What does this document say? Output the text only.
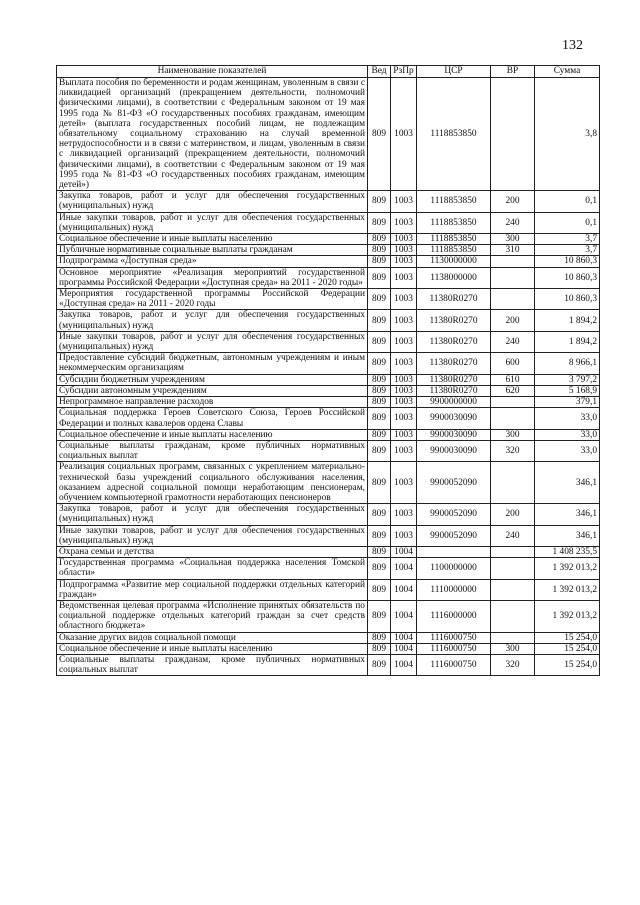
132
Наименование показателей	Вед	РзПр	ЦСР	ВР	Сумма
Выплата пособия по беременности и родам женщинам, уволенным в связи с ликвидацией организаций (прекращением деятельности, полномочий физическими лицами), в соответствии с Федеральным законом от 19 мая 1995 года № 81-ФЗ «О государственных пособиях гражданам, имеющим детей» (выплата государственных пособий лицам, не подлежащим обязательному социальному страхованию на случай временной нетрудоспособности и в связи с материнством, и лицам, уволенным в связи с ликвидацией организаций (прекращением деятельности, полномочий физическими лицами), в соответствии с Федеральным законом от 19 мая 1995 года № 81-ФЗ «О государственных пособиях гражданам, имеющим детей»)	809	1003	1118853850		3,8
Закупка товаров, работ и услуг для обеспечения государственных (муниципальных) нужд	809	1003	1118853850	200	0,1
Иные закупки товаров, работ и услуг для обеспечения государственных (муниципальных) нужд	809	1003	1118853850	240	0,1
Социальное обеспечение и иные выплаты населению	809	1003	1118853850	300	3,7
Публичные нормативные социальные выплаты гражданам	809	1003	1118853850	310	3,7
Подпрограмма «Доступная среда»	809	1003	1130000000		10 860,3
Основное мероприятие «Реализация мероприятий государственной программы Российской Федерации «Доступная среда» на 2011 - 2020 годы»	809	1003	1138000000		10 860,3
Мероприятия государственной программы Российской Федерации «Доступная среда» на 2011 - 2020 годы	809	1003	11380R0270		10 860,3
Закупка товаров, работ и услуг для обеспечения государственных (муниципальных) нужд	809	1003	11380R0270	200	1 894,2
Иные закупки товаров, работ и услуг для обеспечения государственных (муниципальных) нужд	809	1003	11380R0270	240	1 894,2
Предоставление субсидий бюджетным, автономным учреждениям и иным некоммерческим организациям	809	1003	11380R0270	600	8 966,1
Субсидии бюджетным учреждениям	809	1003	11380R0270	610	3 797,2
Субсидии автономным учреждениям	809	1003	11380R0270	620	5 168,9
Непрограммное направление расходов	809	1003	9900000000		379,1
Социальная поддержка Героев Советского Союза, Героев Российской Федерации и полных кавалеров ордена Славы	809	1003	9900030090		33,0
Социальное обеспечение и иные выплаты населению	809	1003	9900030090	300	33,0
Социальные выплаты гражданам, кроме публичных нормативных социальных выплат	809	1003	9900030090	320	33,0
Реализация социальных программ, связанных с укреплением материально-технической базы учреждений социального обслуживания населения, оказанием адресной социальной помощи неработающим пенсионерам, обучением компьютерной грамотности неработающих пенсионеров	809	1003	9900052090		346,1
Закупка товаров, работ и услуг для обеспечения государственных (муниципальных) нужд	809	1003	9900052090	200	346,1
Иные закупки товаров, работ и услуг для обеспечения государственных (муниципальных) нужд	809	1003	9900052090	240	346,1
Охрана семьи и детства	809	1004			1 408 235,5
Государственная программа «Социальная поддержка населения Томской области»	809	1004	1100000000		1 392 013,2
Подпрограмма «Развитие мер социальной поддержки отдельных категорий граждан»	809	1004	1110000000		1 392 013,2
Ведомственная целевая программа «Исполнение принятых обязательств по социальной поддержке отдельных категорий граждан за счет средств областного бюджета»	809	1004	1116000000		1 392 013,2
Оказание других видов социальной помощи	809	1004	1116000750		15 254,0
Социальное обеспечение и иные выплаты населению	809	1004	1116000750	300	15 254,0
Социальные выплаты гражданам, кроме публичных нормативных социальных выплат	809	1004	1116000750	320	15 254,0
